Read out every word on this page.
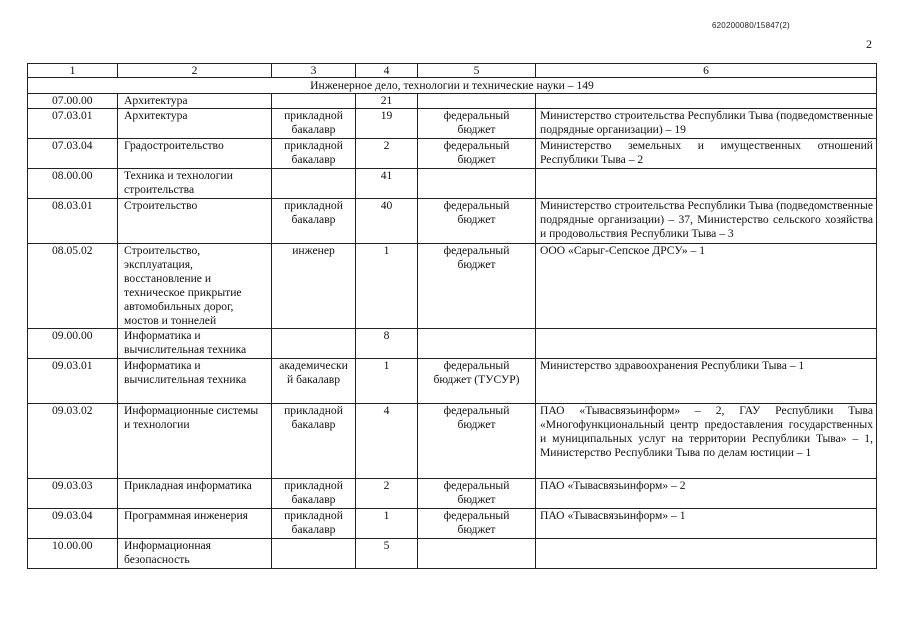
620200080/15847(2)
2
1	2	3	4	5	6
Инженерное дело, технологии и технические науки – 149					
07.00.00	Архитектура		21		
07.03.01	Архитектура	прикладной бакалавр	19	федеральный бюджет	Министерство строительства Республики Тыва (подведомственные подрядные организации) – 19
07.03.04	Градостроительство	прикладной бакалавр	2	федеральный бюджет	Министерство земельных и имущественных отношений Республики Тыва – 2
08.00.00	Техника и технологии строительства		41		
08.03.01	Строительство	прикладной бакалавр	40	федеральный бюджет	Министерство строительства Республики Тыва (подведомственные подрядные организации) – 37, Министерство сельского хозяйства и продовольствия Республики Тыва – 3
08.05.02	Строительство, эксплуатация, восстановление и техническое прикрытие автомобильных дорог, мостов и тоннелей	инженер	1	федеральный бюджет	ООО «Сарыг-Сепское ДРСУ» – 1
09.00.00	Информатика и вычислительная техника		8		
09.03.01	Информатика и вычислительная техника	академический бакалавр	1	федеральный бюджет (ТУСУР)	Министерство здравоохранения Республики Тыва – 1
09.03.02	Информационные системы и технологии	прикладной бакалавр	4	федеральный бюджет	ПАО «Тывасвязьинформ» – 2, ГАУ Республики Тыва «Многофункциональный центр предоставления государственных и муниципальных услуг на территории Республики Тыва» – 1, Министерство Республики Тыва по делам юстиции – 1
09.03.03	Прикладная информатика	прикладной бакалавр	2	федеральный бюджет	ПАО «Тывасвязьинформ» – 2
09.03.04	Программная инженерия	прикладной бакалавр	1	федеральный бюджет	ПАО «Тывасвязьинформ» – 1
10.00.00	Информационная безопасность		5		
